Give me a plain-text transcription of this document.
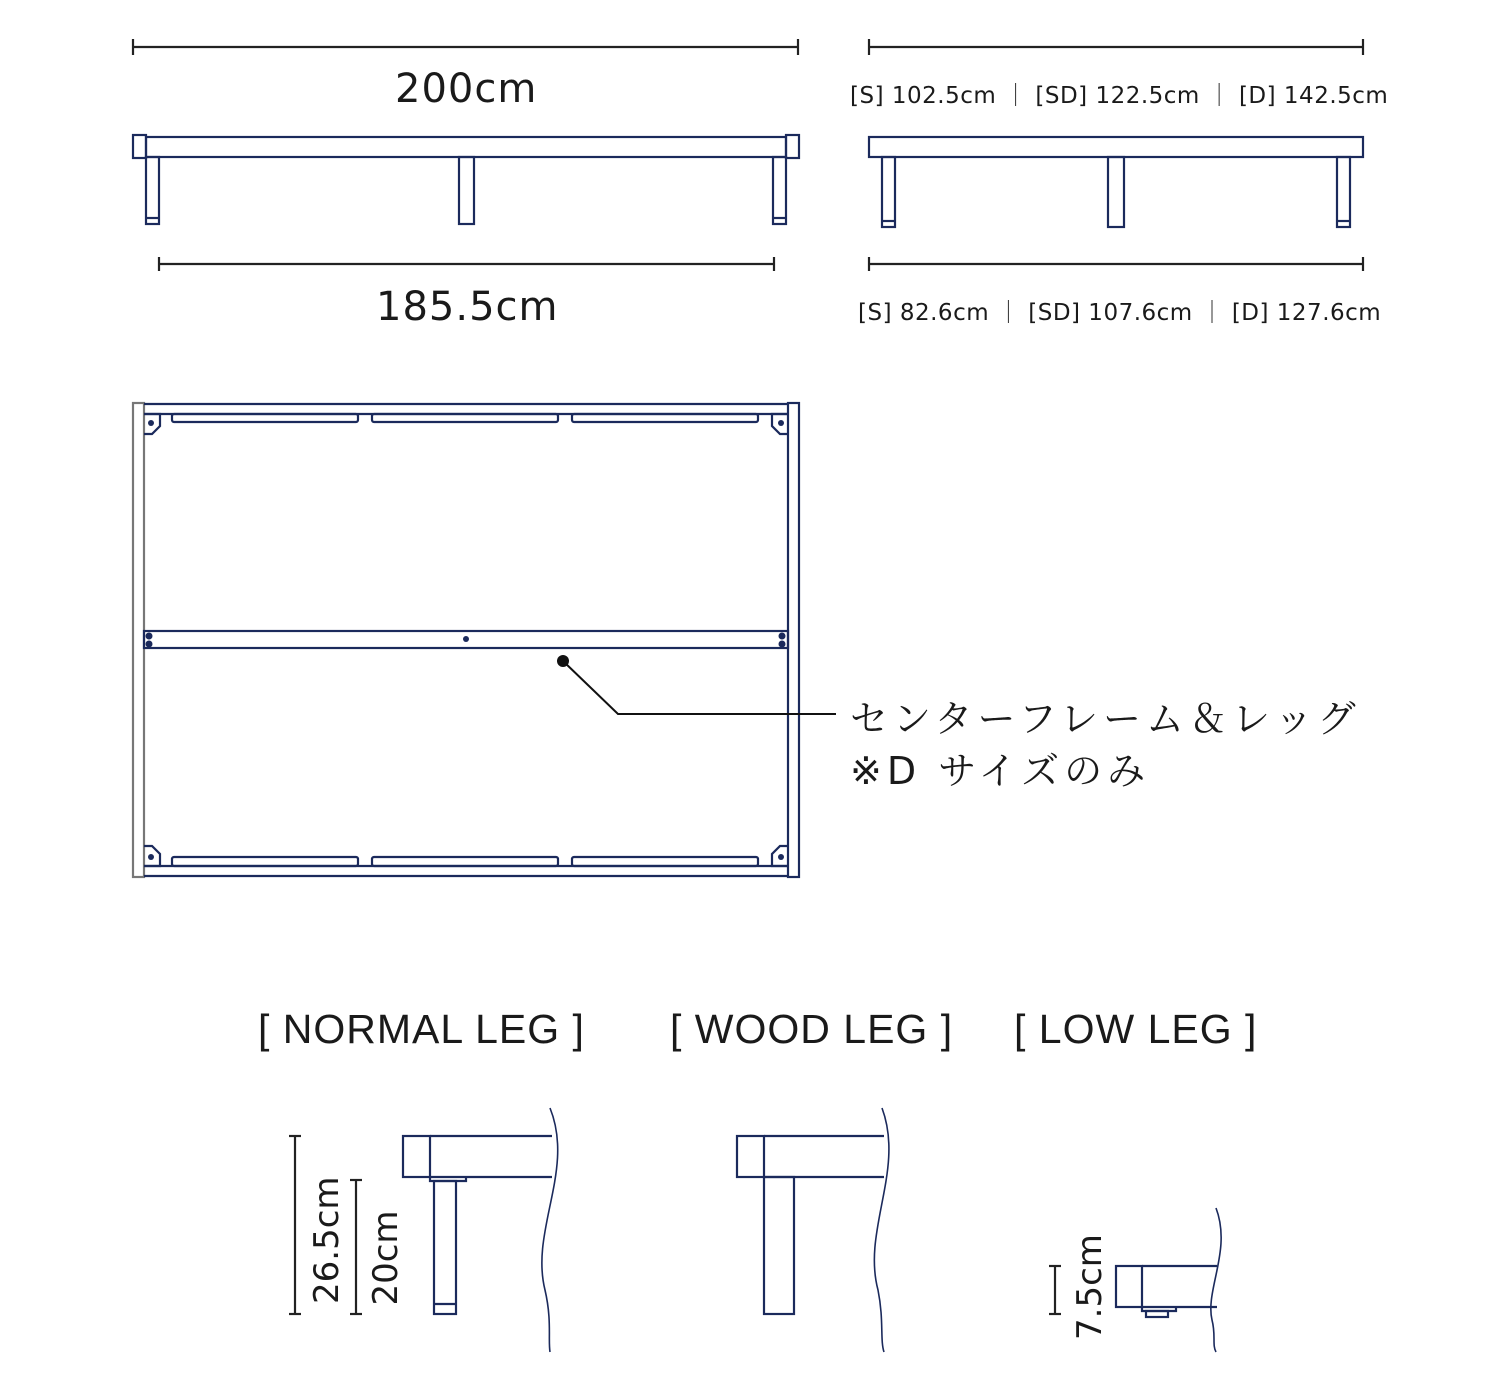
200cm
185.5cm
[S] 102.5cm ｜ [SD] 122.5cm ｜ [D] 142.5cm
[S] 82.6cm ｜ [SD] 107.6cm ｜ [D] 127.6cm
センターフレーム＆レッグ
※D サイズのみ
[ NORMAL LEG ] [ WOOD LEG ] [ LOW LEG ]
26.5cm 20cm	7.5cm
